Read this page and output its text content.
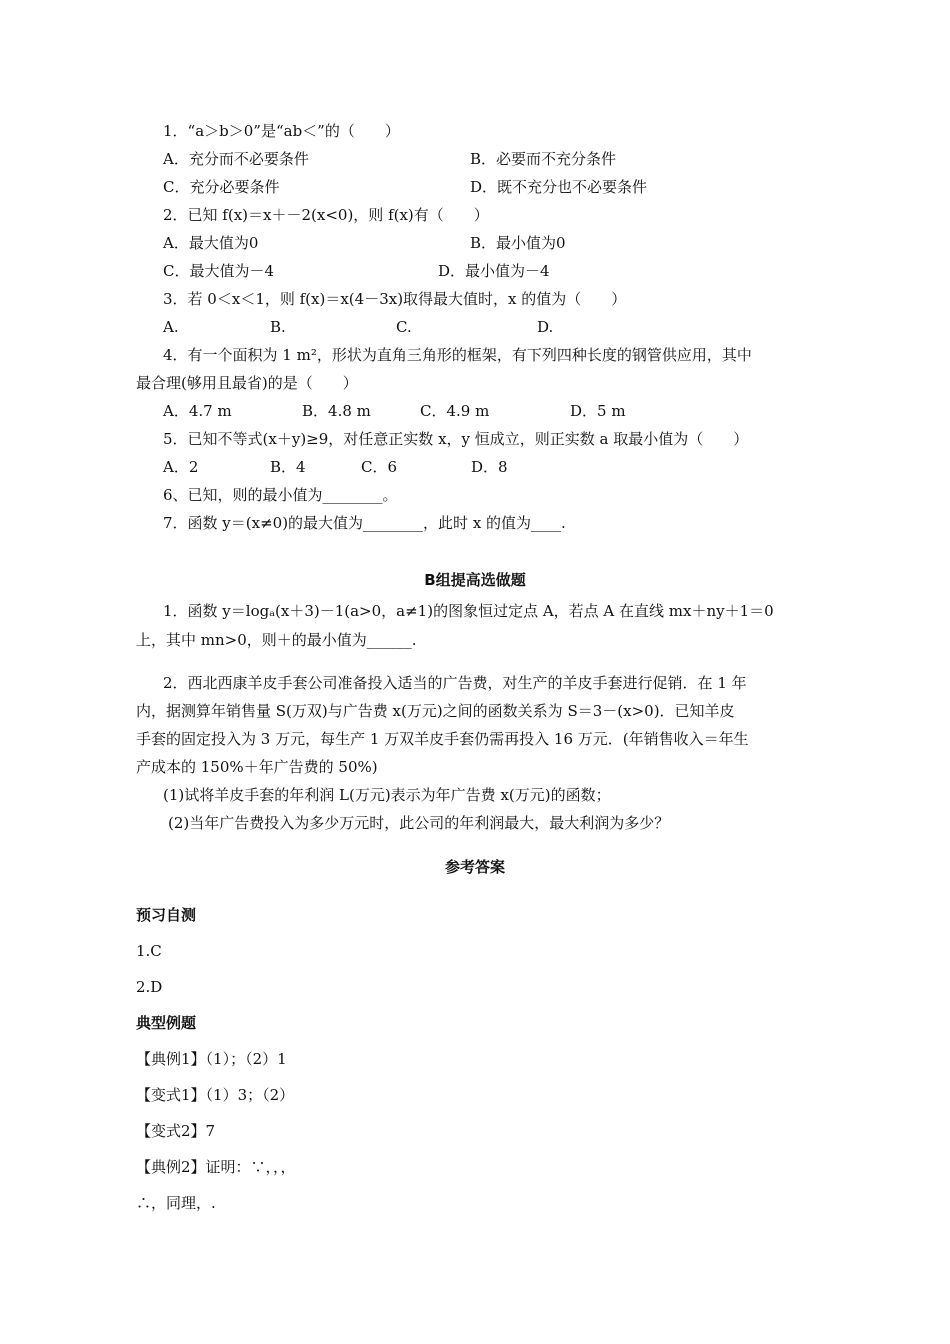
1．“a＞b＞0”是“ab＜”的（　　）
A．充分而不必要条件	B．必要而不充分条件
C．充分必要条件	D．既不充分也不必要条件
2．已知 f(x)＝x＋－2(x<0)，则 f(x)有（　　）
A．最大值为0	B．最小值为0
C．最大值为－4	D．最小值为－4
3．若 0＜x＜1，则 f(x)＝x(4－3x)取得最大值时，x 的值为（　　）
A.	B.	C.	D.
4．有一个面积为 1 m²，形状为直角三角形的框架，有下列四种长度的钢管供应用，其中
最合理(够用且最省)的是（　　）
A．4.7 m	B．4.8 m	C．4.9 m	D．5 m
5．已知不等式(x＋y)≥9，对任意正实数 x，y 恒成立，则正实数 a 取最小值为（　　）
A．2	B．4	C．6	D．8
6、已知，则的最小值为________。
7．函数 y＝(x≠0)的最大值为________，此时 x 的值为____.
B组提高选做题
1．函数 y＝logₐ(x＋3)－1(a>0，a≠1)的图象恒过定点 A，若点 A 在直线 mx＋ny＋1＝0
上，其中 mn>0，则＋的最小值为______.
2．西北西康羊皮手套公司准备投入适当的广告费，对生产的羊皮手套进行促销．在 1 年
内，据测算年销售量 S(万双)与广告费 x(万元)之间的函数关系为 S＝3－(x>0)．已知羊皮
手套的固定投入为 3 万元，每生产 1 万双羊皮手套仍需再投入 16 万元．(年销售收入＝年生
产成本的 150%＋年广告费的 50%)
(1)试将羊皮手套的年利润 L(万元)表示为年广告费 x(万元)的函数；
(2)当年广告费投入为多少万元时，此公司的年利润最大，最大利润为多少？
参考答案
预习自测
1.C
2.D
典型例题
【典例1】（1）；（2）1
【变式1】（1）3；（2）
【变式2】7
【典例2】证明：∵，，，
∴，同理，.
